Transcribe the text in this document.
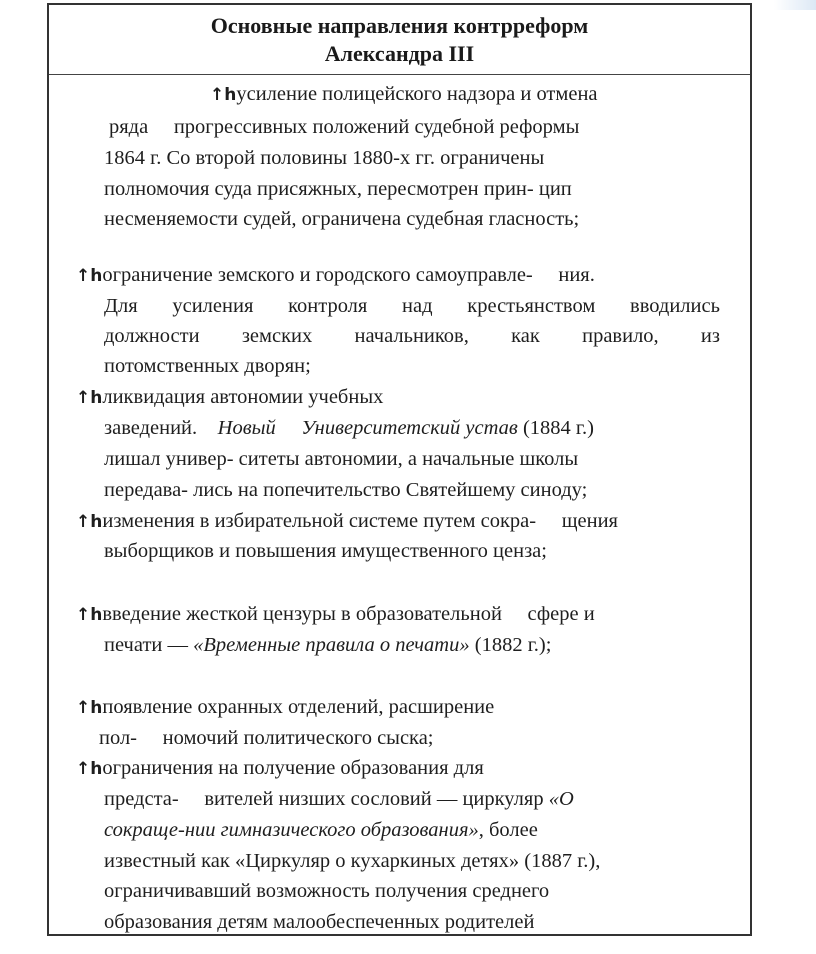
Основные направления контрреформ
Александра III
↑hусиление полицейского надзора и отмена
ряда     прогрессивных положений судебной реформы
1864 г. Со второй половины 1880-х гг. ограничены
полномочия суда присяжных, пересмотрен прин- цип
несменяемости судей, ограничена судебная гласность;
↑hограничение земского и городского самоуправле-     ния.
Для усиления контроля над крестьянством вводились
должности земских начальников, как правило, из
потомственных дворян;
↑hликвидация автономии учебных
заведений. Новый     Университетский устав (1884 г.)
лишал универ- ситеты автономии, а начальные школы
передава- лись на попечительство Святейшему синоду;
↑hизменения в избирательной системе путем сокра-     щения
выборщиков и повышения имущественного ценза;
↑hвведение жесткой цензуры в образовательной     сфере и
печати — «Временные правила о печати» (1882 г.);
↑hпоявление охранных отделений, расширение
пол-     номочий политического сыска;
↑hограничения на получение образования для
предста-     вителей низших сословий — циркуляр «О
сокраще-нии гимназического образования», более
известный как «Циркуляр о кухаркиных детях» (1887 г.),
ограничивавший возможность получения среднего
образования детям малообеспеченных родителей
